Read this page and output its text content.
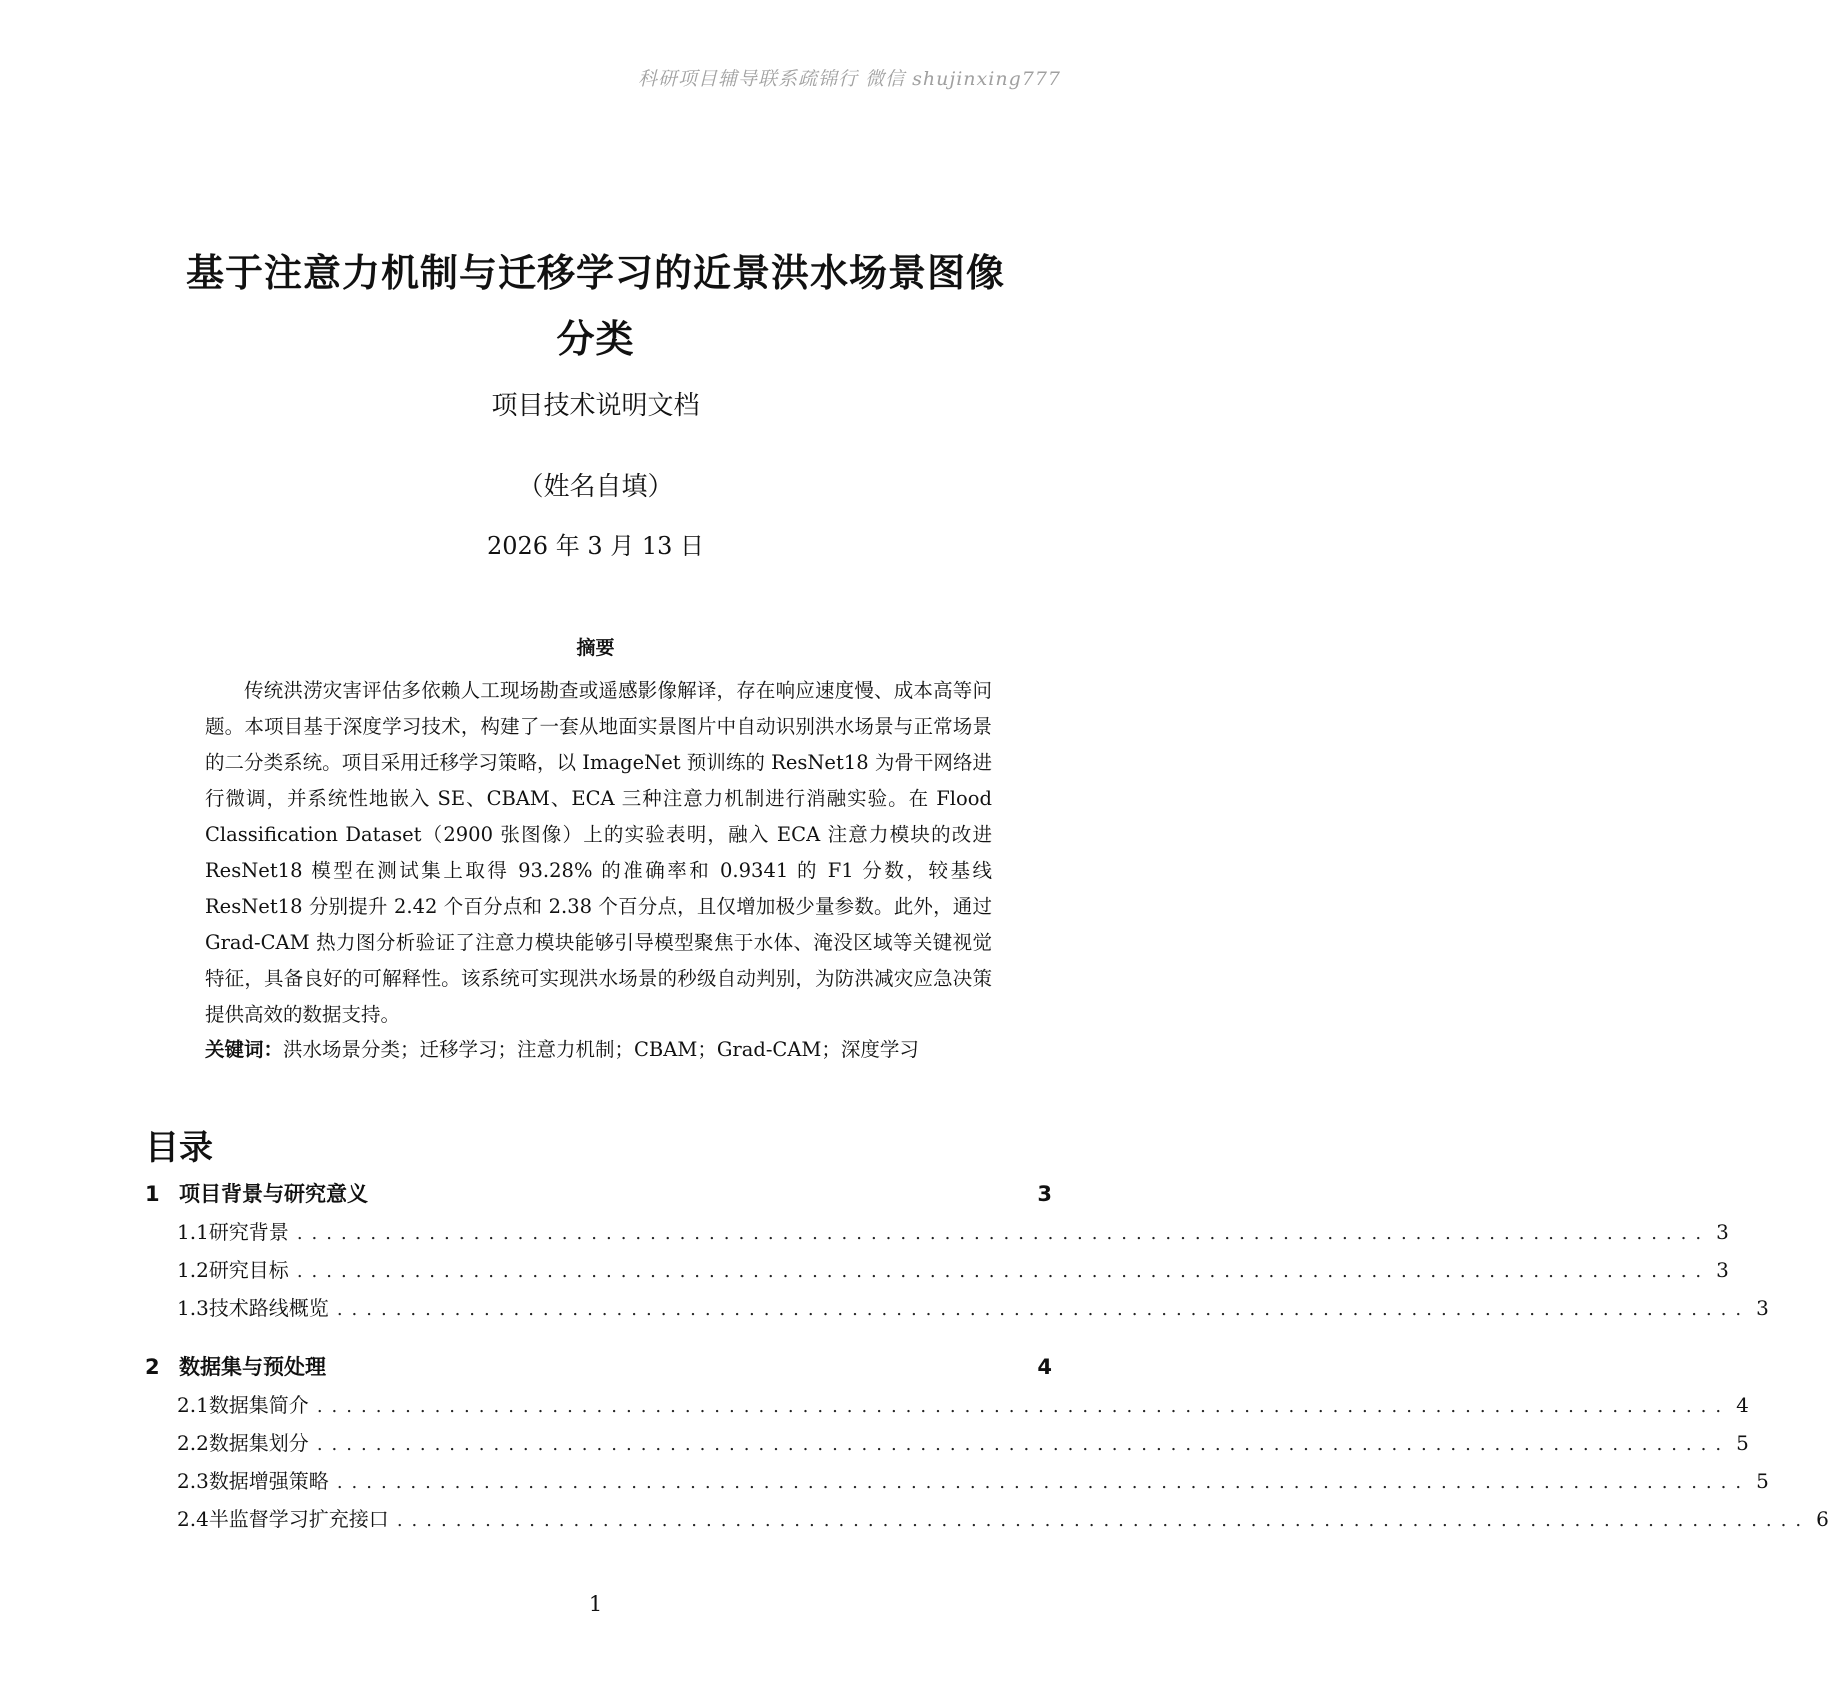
科研项目辅导联系疏锦行 微信 shujinxing777
基于注意力机制与迁移学习的近景洪水场景图像
分类
项目技术说明文档
（姓名自填）
2026 年 3 月 13 日
摘要

传统洪涝灾害评估多依赖人工现场勘查或遥感影像解译，存在响应速度慢、成本高等问题。本项目基于深度学习技术，构建了一套从地面实景图片中自动识别洪水场景与正常场景的二分类系统。项目采用迁移学习策略，以 ImageNet 预训练的 ResNet18 为骨干网络进行微调，并系统性地嵌入 SE、CBAM、ECA 三种注意力机制进行消融实验。在 Flood Classification Dataset（2900 张图像）上的实验表明，融入 ECA 注意力模块的改进 ResNet18 模型在测试集上取得 93.28% 的准确率和 0.9341 的 F1 分数，较基线 ResNet18 分别提升 2.42 个百分点和 2.38 个百分点，且仅增加极少量参数。此外，通过 Grad-CAM 热力图分析验证了注意力模块能够引导模型聚焦于水体、淹没区域等关键视觉特征，具备良好的可解释性。该系统可实现洪水场景的秒级自动判别，为防洪减灾应急决策提供高效的数据支持。

关键词：洪水场景分类；迁移学习；注意力机制；CBAM；Grad-CAM；深度学习
目录
1 项目背景与研究意义	3
1.1 研究背景 ................................................................................................ 3
1.2 研究目标 ................................................................................................ 3
1.3 技术路线概览 ................................................................................................ 3
2 数据集与预处理	4
2.1 数据集简介 ................................................................................................ 4
2.2 数据集划分 ................................................................................................ 5
2.3 数据增强策略 ................................................................................................ 5
2.4 半监督学习扩充接口 ................................................................................................ 6
1
